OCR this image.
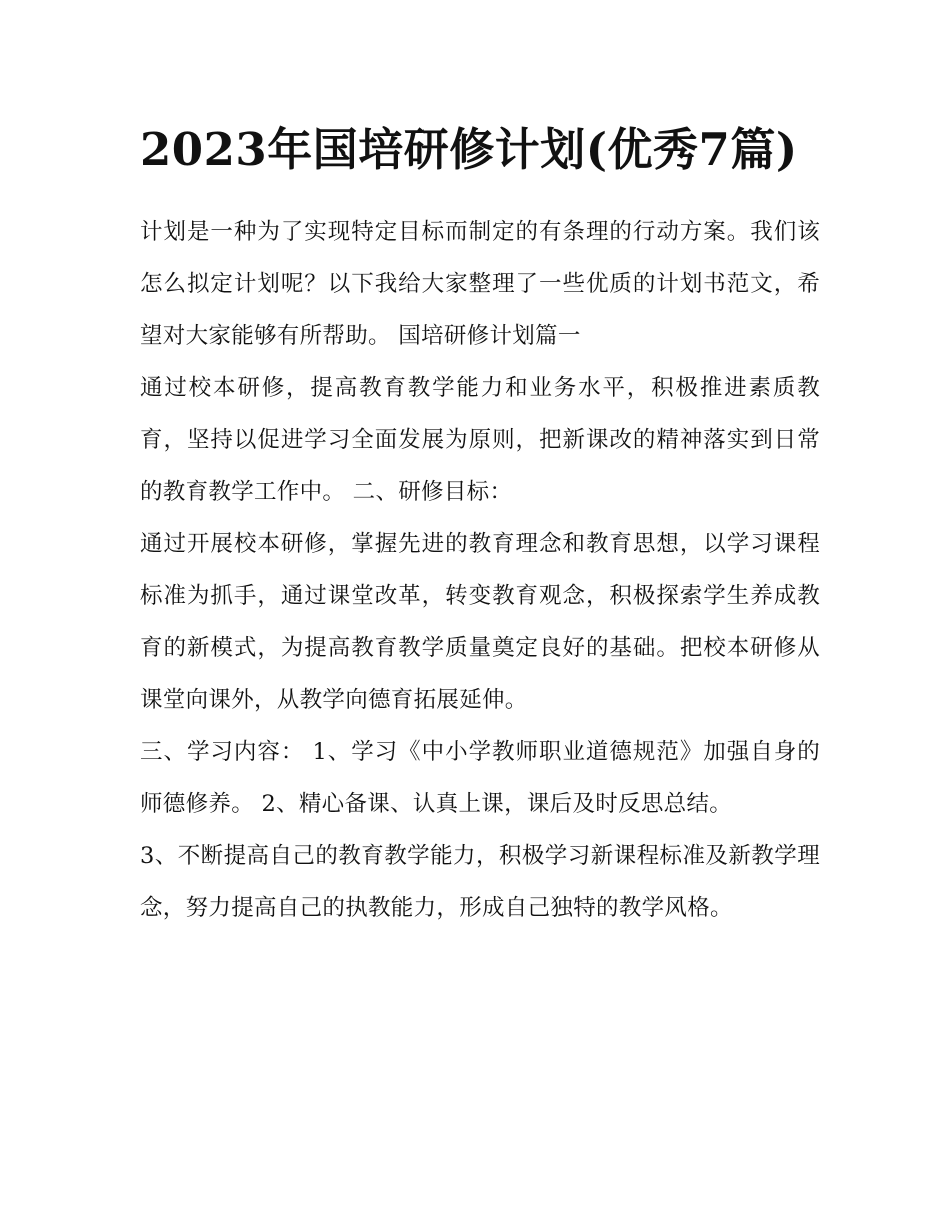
2023年国培研修计划(优秀7篇)

计划是一种为了实现特定目标而制定的有条理的行动方案。我们该怎么拟定计划呢？以下我给大家整理了一些优质的计划书范文，希望对大家能够有所帮助。 国培研修计划篇一

通过校本研修，提高教育教学能力和业务水平，积极推进素质教育，坚持以促进学习全面发展为原则，把新课改的精神落实到日常的教育教学工作中。 二、研修目标：

通过开展校本研修，掌握先进的教育理念和教育思想，以学习课程标准为抓手，通过课堂改革，转变教育观念，积极探索学生养成教育的新模式，为提高教育教学质量奠定良好的基础。把校本研修从课堂向课外，从教学向德育拓展延伸。

三、学习内容： 1、学习《中小学教师职业道德规范》加强自身的师德修养。 2、精心备课、认真上课，课后及时反思总结。

3、不断提高自己的教育教学能力，积极学习新课程标准及新教学理念，努力提高自己的执教能力，形成自己独特的教学风格。
